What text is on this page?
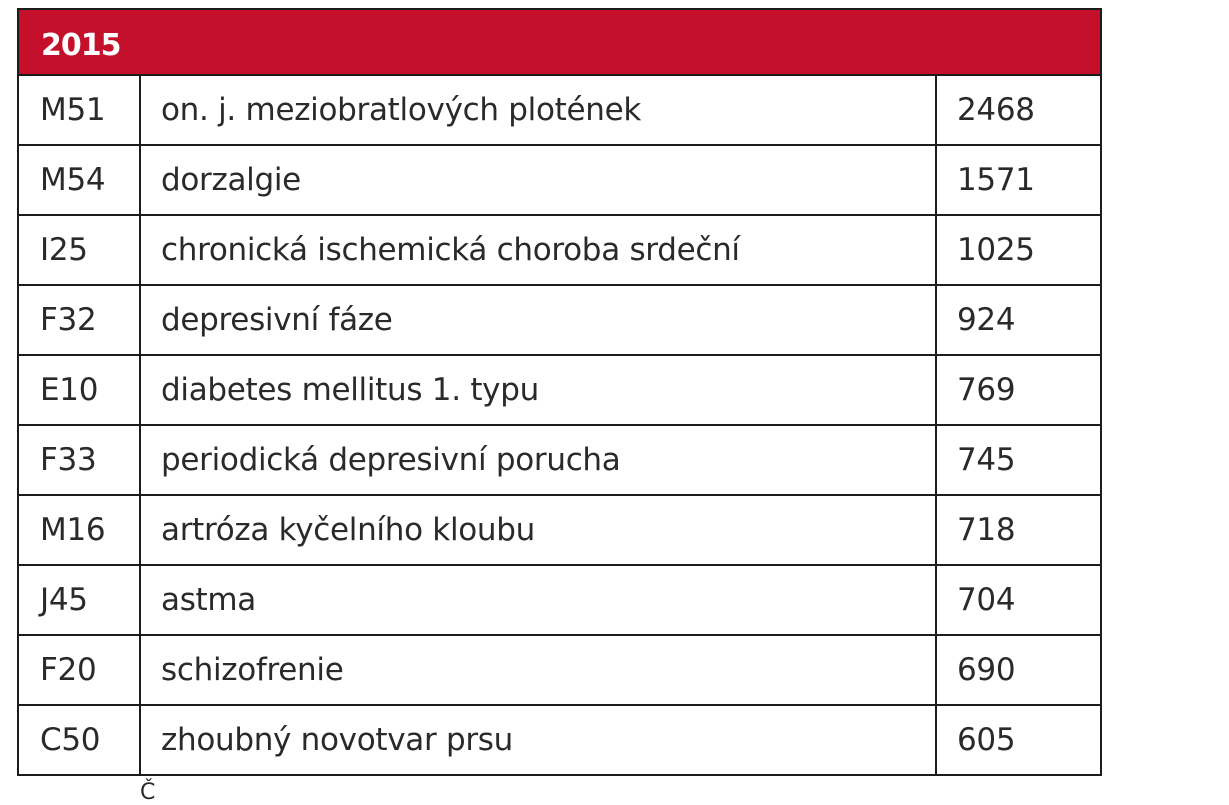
2015		
M51	on. j. meziobratlových plotének	2468
M54	dorzalgie	1571
I25	chronická ischemická choroba srdeční	1025
F32	depresivní fáze	924
E10	diabetes mellitus 1. typu	769
F33	periodická depresivní porucha	745
M16	artróza kyčelního kloubu	718
J45	astma	704
F20	schizofrenie	690
C50	zhoubný novotvar prsu	605
Č
